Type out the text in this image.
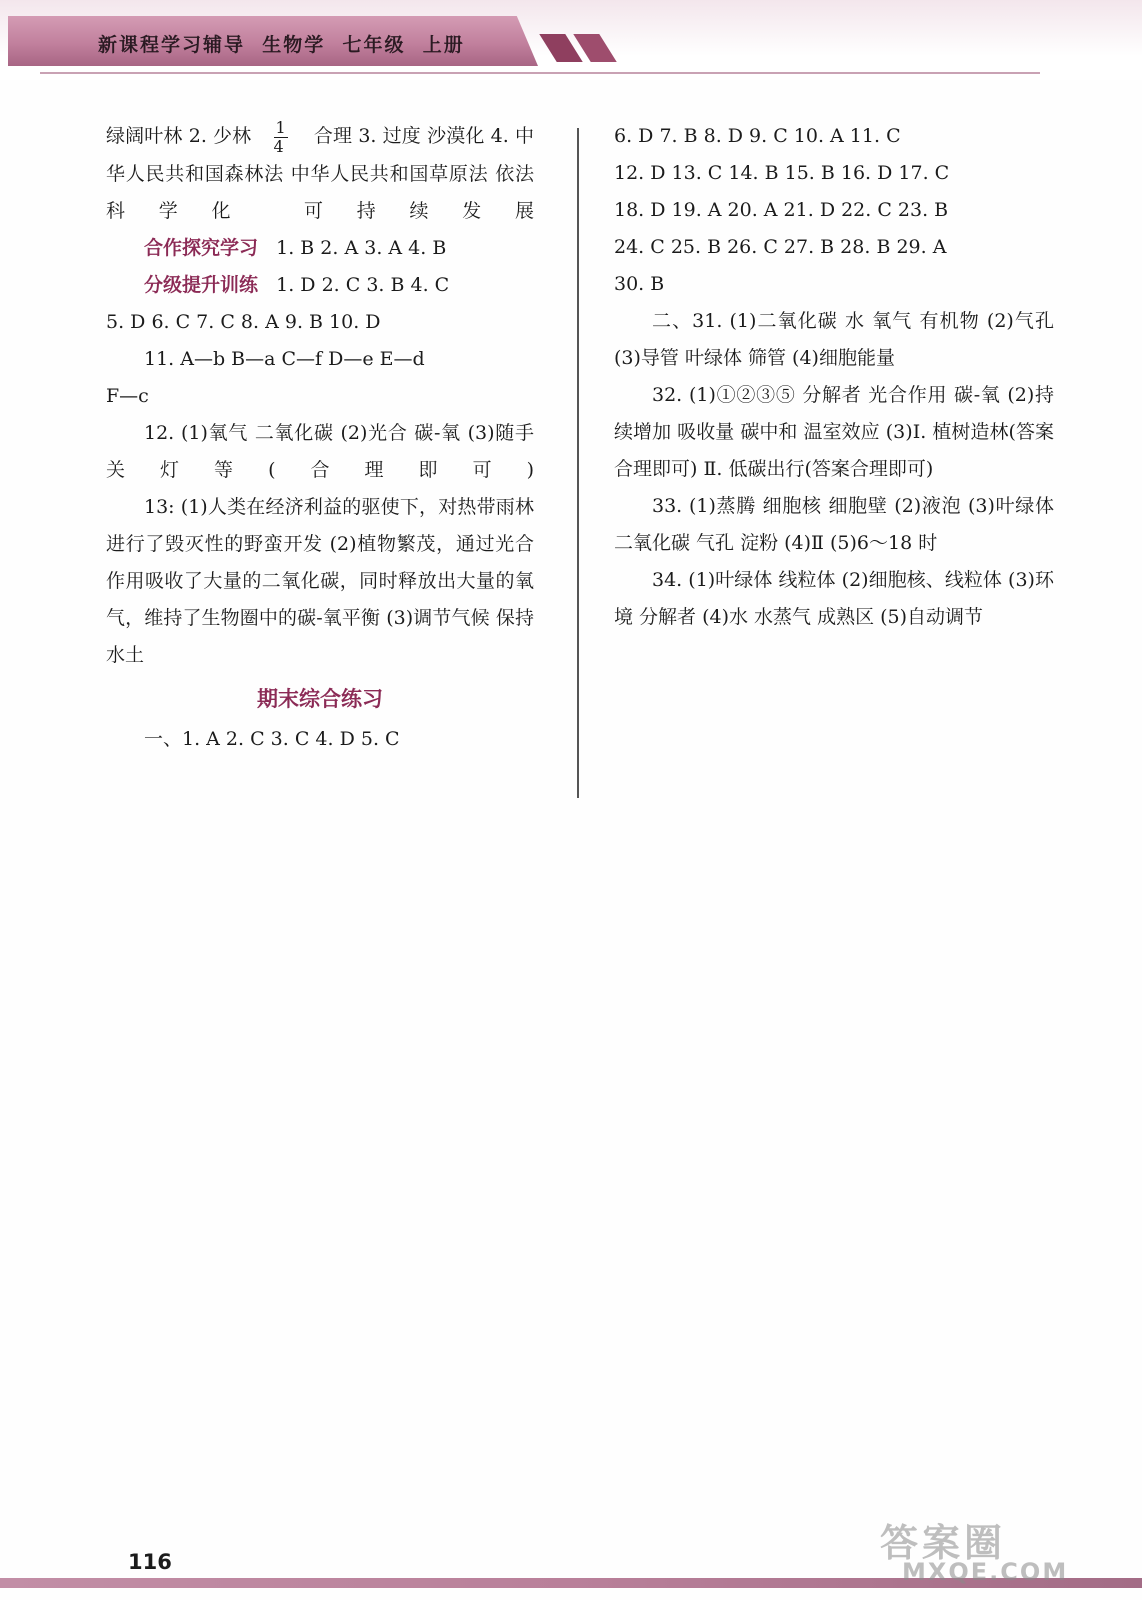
新课程学习辅导  生物学  七年级  上册

绿阔叶林 2. 少林 $\frac{1}{4}$ 合理 3. 过度 沙漠化 4. 中华人民共和国森林法 中华人民共和国草原法 依法 科学化 可持续发展

合作探究学习 1. B 2. A 3. A 4. B

分级提升训练 1. D 2. C 3. B 4. C

5. D 6. C 7. C 8. A 9. B 10. D

11. A—b B—a C—f D—e E—d

F—c

12. (1)氧气 二氧化碳 (2)光合 碳-氧 (3)随手关灯等(合理即可)

13: (1)人类在经济利益的驱使下，对热带雨林进行了毁灭性的野蛮开发 (2)植物繁茂，通过光合作用吸收了大量的二氧化碳，同时释放出大量的氧气，维持了生物圈中的碳-氧平衡 (3)调节气候 保持水土

期末综合练习

一、1. A 2. C 3. C 4. D 5. C

6. D 7. B 8. D 9. C 10. A 11. C

12. D 13. C 14. B 15. B 16. D 17. C

18. D 19. A 20. A 21. D 22. C 23. B

24. C 25. B 26. C 27. B 28. B 29. A

30. B

二、31. (1)二氧化碳 水 氧气 有机物 (2)气孔 (3)导管 叶绿体 筛管 (4)细胞能量

32. (1)①②③⑤ 分解者 光合作用 碳-氧 (2)持续增加 吸收量 碳中和 温室效应 (3)Ⅰ. 植树造林(答案合理即可) Ⅱ. 低碳出行(答案合理即可)

33. (1)蒸腾 细胞核 细胞壁 (2)液泡 (3)叶绿体 二氧化碳 气孔 淀粉 (4)Ⅱ (5)6～18 时

34. (1)叶绿体 线粒体 (2)细胞核、线粒体 (3)环境 分解者 (4)水 水蒸气 成熟区 (5)自动调节

116	答案圈
MXQE.COM
